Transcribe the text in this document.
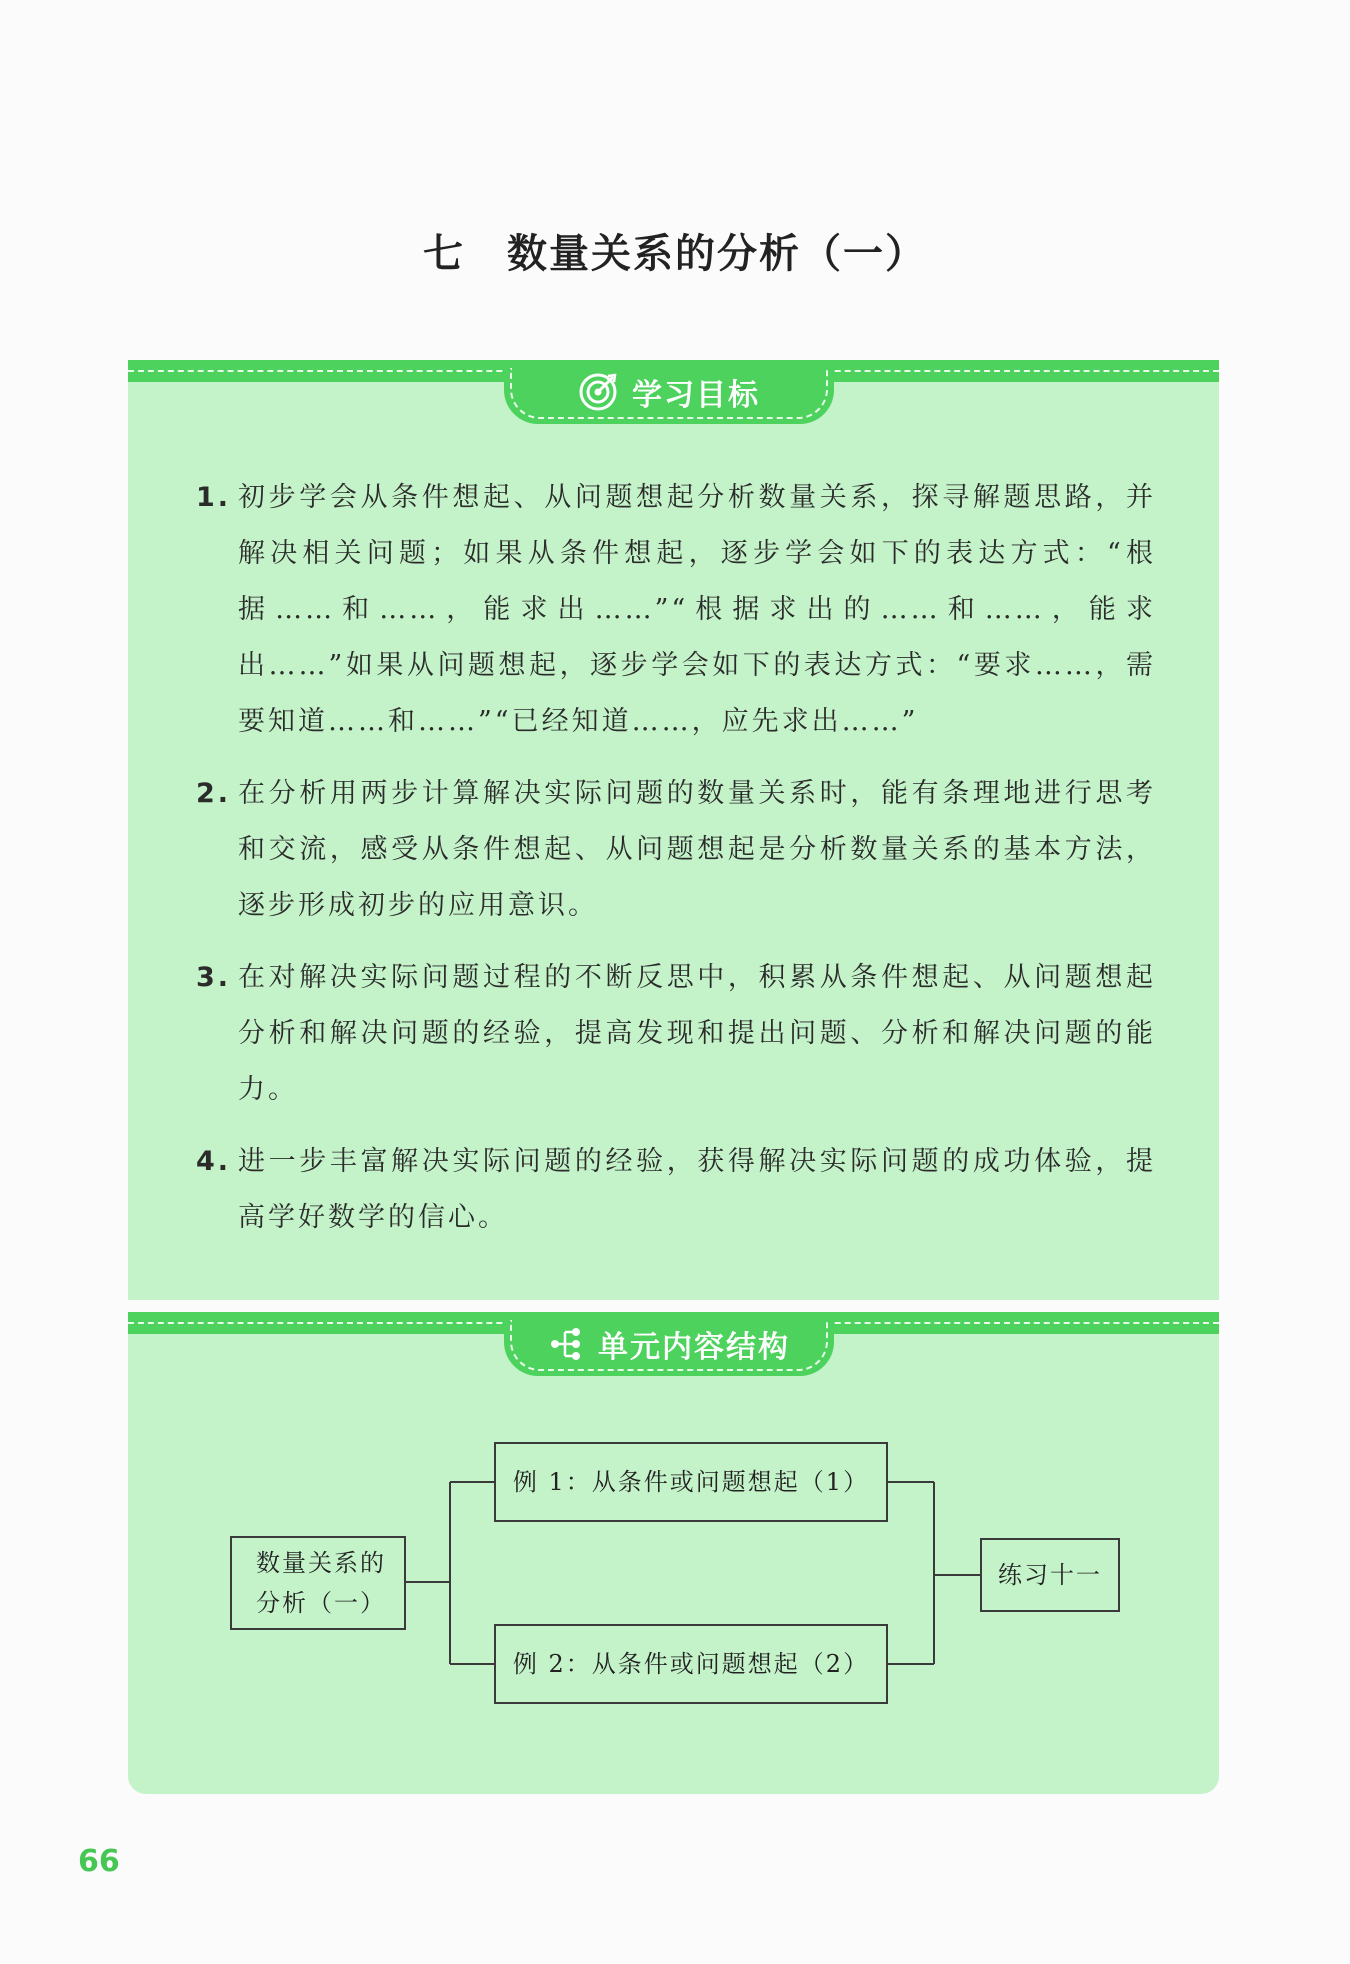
七　数量关系的分析（一）
学习目标
1. 初步学会从条件想起、从问题想起分析数量关系，探寻解题思路，并解决相关问题；如果从条件想起，逐步学会如下的表达方式：“根据……和……，能求出……”“根据求出的……和……，能求出……”如果从问题想起，逐步学会如下的表达方式：“要求……，需要知道……和……”“已经知道……，应先求出……”
2. 在分析用两步计算解决实际问题的数量关系时，能有条理地进行思考和交流，感受从条件想起、从问题想起是分析数量关系的基本方法，逐步形成初步的应用意识。
3. 在对解决实际问题过程的不断反思中，积累从条件想起、从问题想起分析和解决问题的经验，提高发现和提出问题、分析和解决问题的能力。
4. 进一步丰富解决实际问题的经验，获得解决实际问题的成功体验，提高学好数学的信心。
单元内容结构
数量关系的
分析（一）
例 1：从条件或问题想起（1）
例 2：从条件或问题想起（2）
练习十一
66
